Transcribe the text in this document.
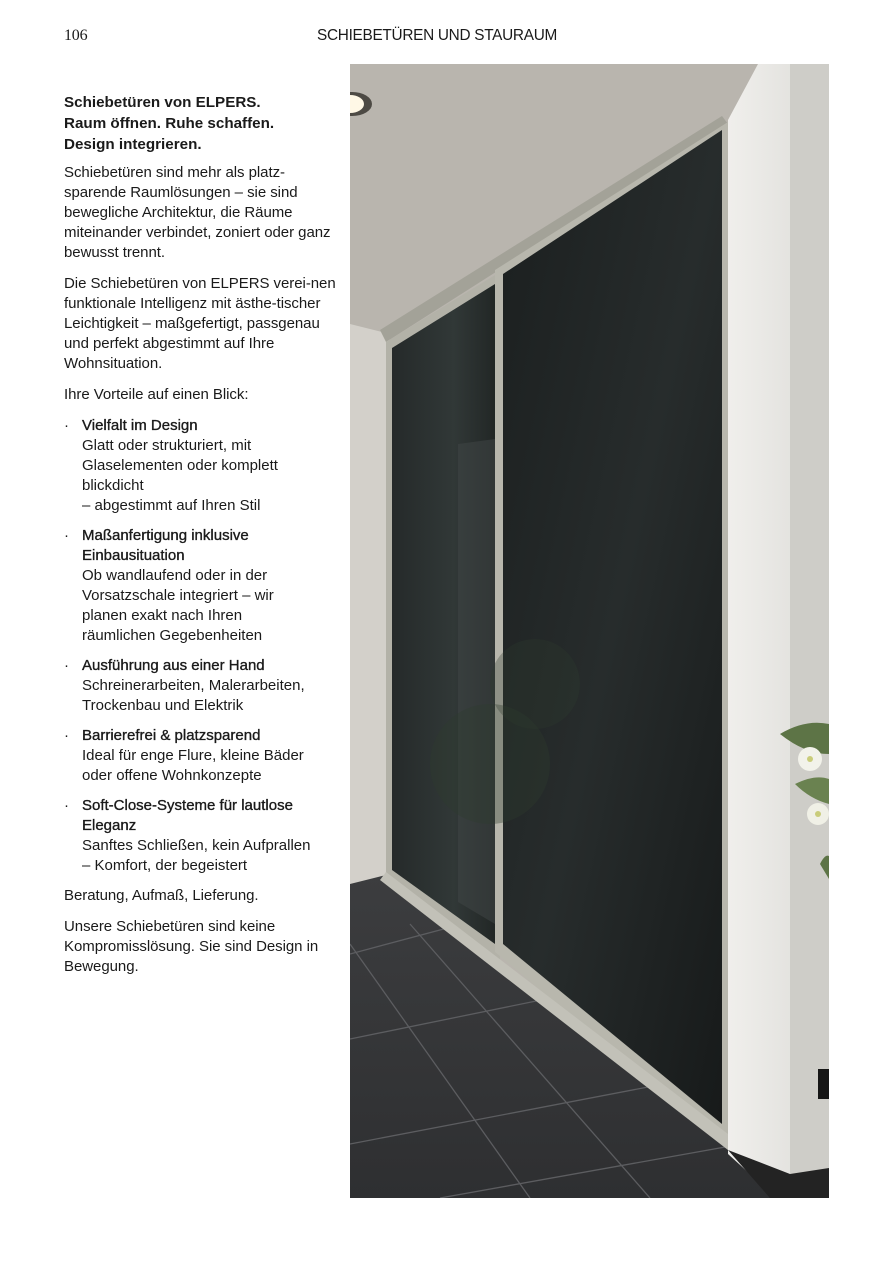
106	SCHIEBETÜREN UND STAURAUM
Schiebetüren von ELPERS.
Raum öffnen. Ruhe schaffen.
Design integrieren.

Schiebetüren sind mehr als platz-sparende Raumlösungen – sie sind bewegliche Architektur, die Räume miteinander verbindet, zoniert oder ganz bewusst trennt.

Die Schiebetüren von ELPERS verei-nen funktionale Intelligenz mit ästhe-tischer Leichtigkeit – maßgefertigt, passgenau und perfekt abgestimmt auf Ihre Wohnsituation.

Ihre Vorteile auf einen Blick:

· Vielfalt im Design
Glatt oder strukturiert, mit
Glaselementen oder komplett
blickdicht
– abgestimmt auf Ihren Stil
· Maßanfertigung inklusive Einbausituation
Ob wandlaufend oder in der
Vorsatzschale integriert – wir
planen exakt nach Ihren
räumlichen Gegebenheiten
· Ausführung aus einer Hand
Schreinerarbeiten, Malerarbeiten,
Trockenbau und Elektrik
· Barrierefrei & platzsparend
Ideal für enge Flure, kleine Bäder
oder offene Wohnkonzepte
· Soft-Close-Systeme für lautlose Eleganz
Sanftes Schließen, kein Aufprallen
– Komfort, der begeistert

Beratung, Aufmaß, Lieferung.

Unsere Schiebetüren sind keine Kompromisslösung. Sie sind Design in Bewegung.
